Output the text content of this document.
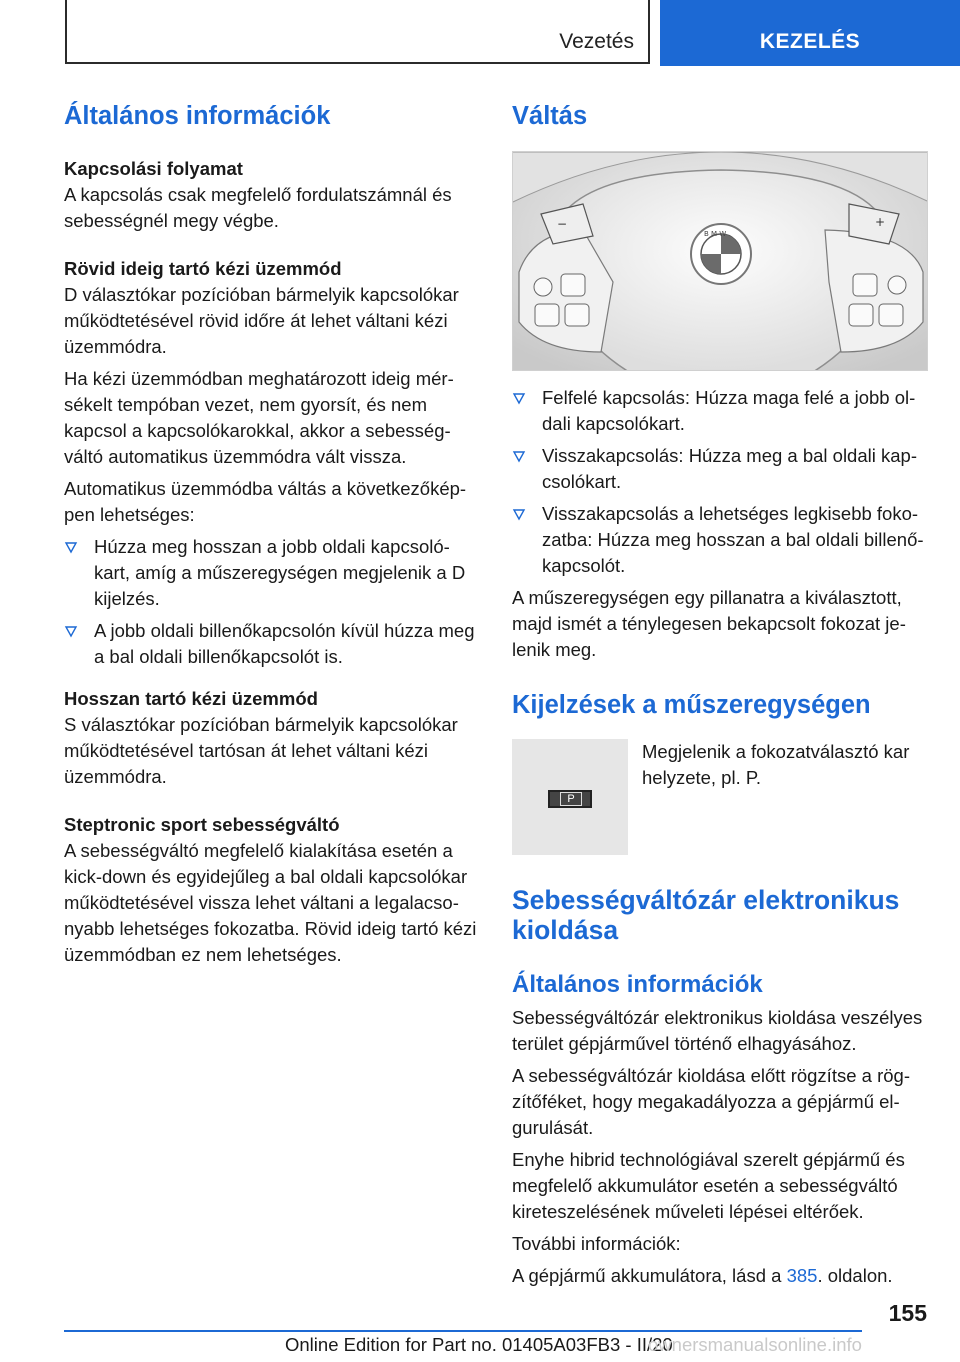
Vezetés	KEZELÉS
Általános információk
Kapcsolási folyamat
A kapcsolás csak megfelelő fordulatszámnál és sebességnél megy végbe.
Rövid ideig tartó kézi üzemmód
D választókar pozícióban bármelyik kapcsolókar működtetésével rövid időre át lehet váltani kézi üzemmódra.
Ha kézi üzemmódban meghatározott ideig mérsékelt tempóban vezet, nem gyorsít, és nem kapcsol a kapcsolókarokkal, akkor a sebességváltó automatikus üzemmódra vált vissza.
Automatikus üzemmódba váltás a következőképpen lehetséges:
Húzza meg hosszan a jobb oldali kapcsolókart, amíg a műszeregységen megjelenik a D kijelzés.
A jobb oldali billenőkapcsolón kívül húzza meg a bal oldali billenőkapcsolót is.
Hosszan tartó kézi üzemmód
S választókar pozícióban bármelyik kapcsolókar működtetésével tartósan át lehet váltani kézi üzemmódra.
Steptronic sport sebességváltó
A sebességváltó megfelelő kialakítása esetén a kick-down és egyidejűleg a bal oldali kapcsolókar működtetésével vissza lehet váltani a legalacsonyabb lehetséges fokozatba. Rövid ideig tartó kézi üzemmódban ez nem lehetséges.
Váltás
−	+
B M W
Felfelé kapcsolás: Húzza maga felé a jobb oldali kapcsolókart.
Visszakapcsolás: Húzza meg a bal oldali kapcsolókart.
Visszakapcsolás a lehetséges legkisebb fokozatba: Húzza meg hosszan a bal oldali billenőkapcsolót.
A műszeregységen egy pillanatra a kiválasztott, majd ismét a ténylegesen bekapcsolt fokozat jelenik meg.
Kijelzések a műszeregységen
P
Megjelenik a fokozatválasztó kar helyzete, pl. P.
Sebességváltózár elektronikus kioldása
Általános információk
Sebességváltózár elektronikus kioldása veszélyes terület gépjárművel történő elhagyásához.
A sebességváltózár kioldása előtt rögzítse a rögzítőféket, hogy megakadályozza a gépjármű elgurulását.
Enyhe hibrid technológiával szerelt gépjármű és megfelelő akkumulátor esetén a sebességváltó kireteszelésének műveleti lépései eltérőek.
További információk:
A gépjármű akkumulátora, lásd a 385. oldalon.
155
Online Edition for Part no. 01405A03FB3 - II/20
ownersmanualsonline.info
